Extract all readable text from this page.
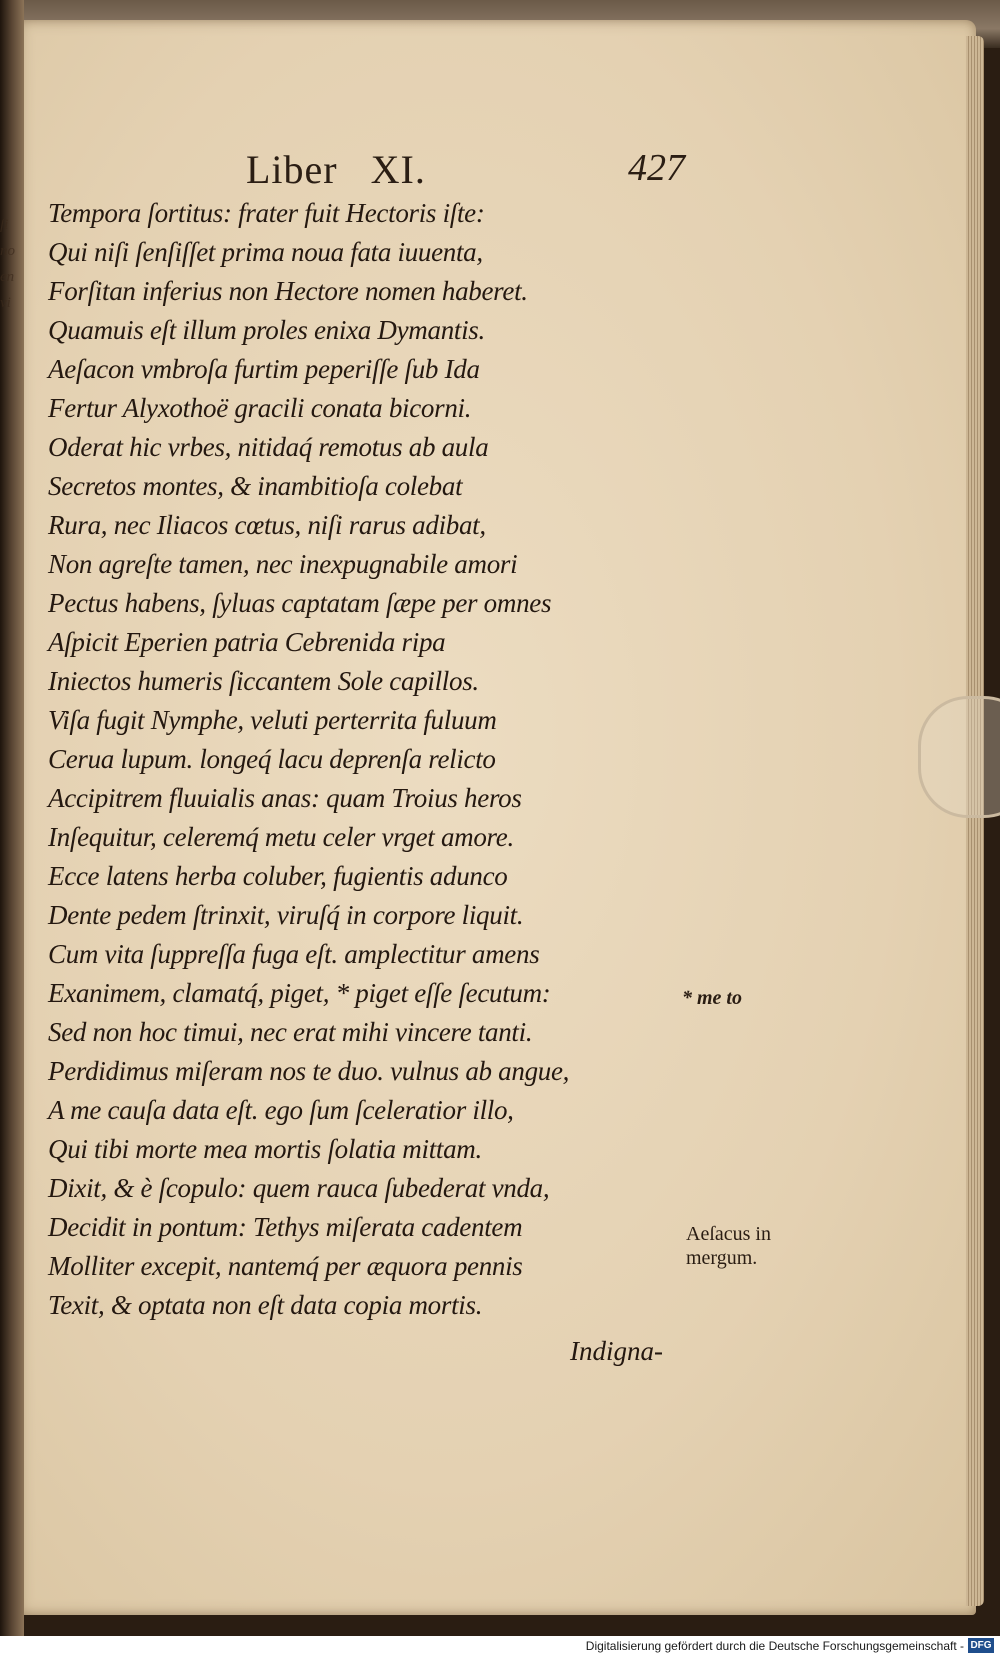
ſi
no
en
vi
Liber XI.	427
Tempora ſortitus: frater fuit Hectoris iſte:
Qui niſi ſenſiſſet prima noua fata iuuenta,
Forſitan inferius non Hectore nomen haberet.
Quamuis eſt illum proles enixa Dymantis.
Aeſacon vmbroſa furtim peperiſſe ſub Ida
Fertur Alyxothoë gracili conata bicorni.
Oderat hic vrbes, nitidaq́ remotus ab aula
Secretos montes, & inambitioſa colebat
Rura, nec Iliacos cœtus, niſi rarus adibat,
Non agreſte tamen, nec inexpugnabile amori
Pectus habens, ſyluas captatam ſæpe per omnes
Aſpicit Eperien patria Cebrenida ripa
Iniectos humeris ſiccantem Sole capillos.
Viſa fugit Nymphe, veluti perterrita fuluum
Cerua lupum. longeq́ lacu deprenſa relicto
Accipitrem fluuialis anas: quam Troius heros
Inſequitur, celeremq́ metu celer vrget amore.
Ecce latens herba coluber, fugientis adunco
Dente pedem ſtrinxit, viruſq́ in corpore liquit.
Cum vita ſuppreſſa fuga eſt. amplectitur amens
Exanimem, clamatq́, piget, * piget eſſe ſecutum:
Sed non hoc timui, nec erat mihi vincere tanti.
Perdidimus miſeram nos te duo. vulnus ab angue,
A me cauſa data eſt. ego ſum ſceleratior illo,
Qui tibi morte mea mortis ſolatia mittam.
Dixit, & è ſcopulo: quem rauca ſubederat vnda,
Decidit in pontum: Tethys miſerata cadentem
Molliter excepit, nantemq́ per æquora pennis
Texit, & optata non eſt data copia mortis.
* me to
Aeſacus in
mergum.
Indigna-
Digitalisierung gefördert durch die Deutsche Forschungsgemeinschaft - DFG
